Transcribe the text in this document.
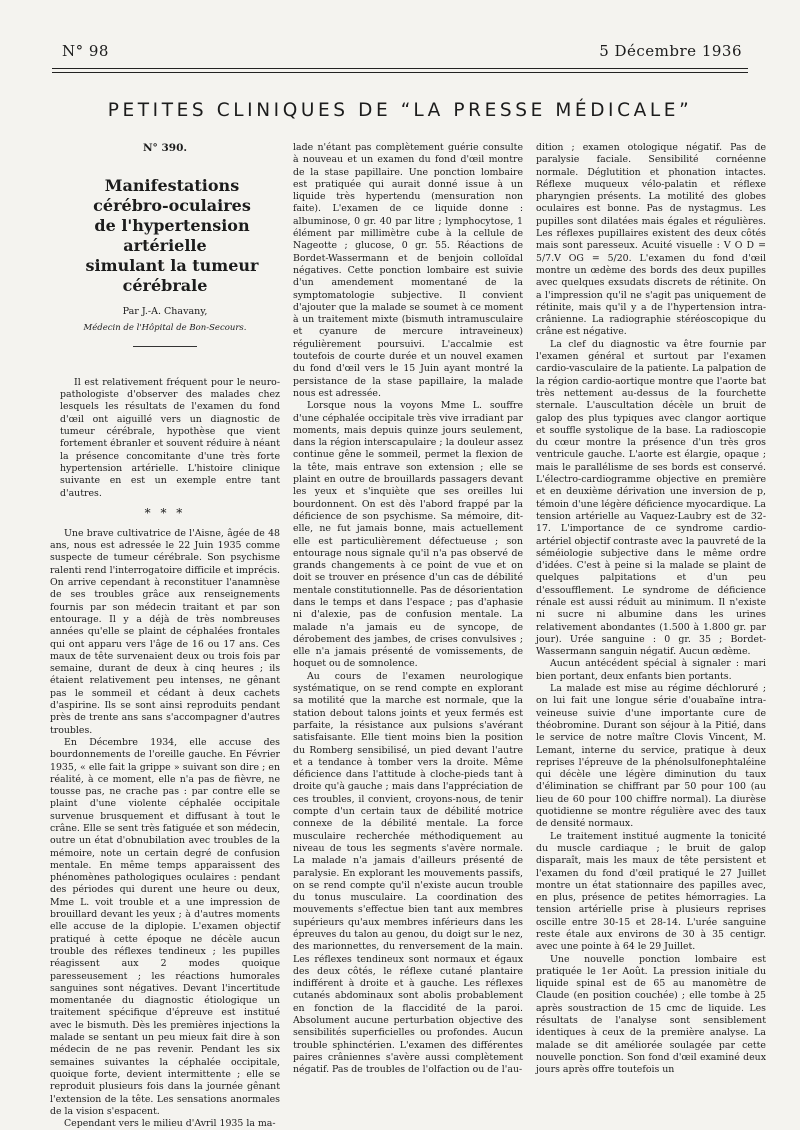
N° 98	5 Décembre 1936
PETITES CLINIQUES DE “LA PRESSE MÉDICALE”
N° 390.

Manifestations

cérébro-oculaires

de l'hypertension artérielle

simulant la tumeur cérébrale

Par J.-A. Chavany,
Médecin de l'Hôpital de Bon-Secours.

Il est relativement fréquent pour le neuro-pathologiste d'observer des malades chez lesquels les résultats de l'examen du fond d'œil ont aiguillé vers un diagnostic de tumeur cérébrale, hypothèse que vient fortement ébranler et souvent réduire à néant la présence concomitante d'une très forte hypertension artérielle. L'histoire clinique suivante en est un exemple entre tant d'autres.

* * *

Une brave cultivatrice de l'Aisne, âgée de 48 ans, nous est adressée le 22 Juin 1935 comme suspecte de tumeur cérébrale. Son psychisme ralenti rend l'interrogatoire difficile et imprécis. On arrive cependant à reconstituer l'anamnèse de ses troubles grâce aux renseignements fournis par son médecin traitant et par son entourage. Il y a déjà de très nombreuses années qu'elle se plaint de céphalées frontales qui ont apparu vers l'âge de 16 ou 17 ans. Ces maux de tête survenaient deux ou trois fois par semaine, durant de deux à cinq heures ; ils étaient relativement peu intenses, ne gênant pas le sommeil et cédant à deux cachets d'aspirine. Ils se sont ainsi reproduits pendant près de trente ans sans s'accompagner d'autres troubles.

En Décembre 1934, elle accuse des bourdonnements de l'oreille gauche. En Février 1935, « elle fait la grippe » suivant son dire ; en réalité, à ce moment, elle n'a pas de fièvre, ne tousse pas, ne crache pas : par contre elle se plaint d'une violente céphalée occipitale survenue brusquement et diffusant à tout le crâne. Elle se sent très fatiguée et son médecin, outre un état d'obnubilation avec troubles de la mémoire, note un certain degré de confusion mentale. En même temps apparaissent des phénomènes pathologiques oculaires : pendant des périodes qui durent une heure ou deux, Mme L. voit trouble et a une impression de brouillard devant les yeux ; à d'autres moments elle accuse de la diplopie. L'examen objectif pratiqué à cette époque ne décèle aucun trouble des réflexes tendineux ; les pupilles réagissent aux 2 modes quoique paresseusement ; les réactions humorales sanguines sont négatives. Devant l'incertitude momentanée du diagnostic étiologique un traitement spécifique d'épreuve est institué avec le bismuth. Dès les premières injections la malade se sentant un peu mieux fait dire à son médecin de ne pas revenir. Pendant les six semaines suivantes la céphalée occipitale, quoique forte, devient intermittente ; elle se reproduit plusieurs fois dans la journée gênant l'extension de la tête. Les sensations anormales de la vision s'espacent.

Cependant vers le milieu d'Avril 1935 la ma-

lade n'étant pas complètement guérie consulte à nouveau et un examen du fond d'œil montre de la stase papillaire. Une ponction lombaire est pratiquée qui aurait donné issue à un liquide très hypertendu (mensuration non faite). L'examen de ce liquide donne : albuminose, 0 gr. 40 par litre ; lymphocytose, 1 élément par millimètre cube à la cellule de Nageotte ; glucose, 0 gr. 55. Réactions de Bordet-Wassermann et de benjoin colloïdal négatives. Cette ponction lombaire est suivie d'un amendement momentané de la symptomatologie subjective. Il convient d'ajouter que la malade se soumet à ce moment à un traitement mixte (bismuth intramusculaire et cyanure de mercure intraveineux) régulièrement poursuivi. L'accalmie est toutefois de courte durée et un nouvel examen du fond d'œil vers le 15 Juin ayant montré la persistance de la stase papillaire, la malade nous est adressée.

Lorsque nous la voyons Mme L. souffre d'une céphalée occipitale très vive irradiant par moments, mais depuis quinze jours seulement, dans la région interscapulaire ; la douleur assez continue gêne le sommeil, permet la flexion de la tête, mais entrave son extension ; elle se plaint en outre de brouillards passagers devant les yeux et s'inquiète que ses oreilles lui bourdonnent. On est dès l'abord frappé par la déficience de son psychisme. Sa mémoire, dit-elle, ne fut jamais bonne, mais actuellement elle est particulièrement défectueuse ; son entourage nous signale qu'il n'a pas observé de grands changements à ce point de vue et on doit se trouver en présence d'un cas de débilité mentale constitutionnelle. Pas de désorientation dans le temps et dans l'espace ; pas d'aphasie ni d'alexie, pas de confusion mentale. La malade n'a jamais eu de syncope, de dérobement des jambes, de crises convulsives ; elle n'a jamais présenté de vomissements, de hoquet ou de somnolence.

Au cours de l'examen neurologique systématique, on se rend compte en explorant sa motilité que la marche est normale, que la station debout talons joints et yeux fermés est parfaite, la résistance aux pulsions s'avérant satisfaisante. Elle tient moins bien la position du Romberg sensibilisé, un pied devant l'autre et a tendance à tomber vers la droite. Même déficience dans l'attitude à cloche-pieds tant à droite qu'à gauche ; mais dans l'appréciation de ces troubles, il convient, croyons-nous, de tenir compte d'un certain taux de débilité motrice connexe de la débilité mentale. La force musculaire recherchée méthodiquement au niveau de tous les segments s'avère normale. La malade n'a jamais d'ailleurs présenté de paralysie. En explorant les mouvements passifs, on se rend compte qu'il n'existe aucun trouble du tonus musculaire. La coordination des mouvements s'effectue bien tant aux membres supérieurs qu'aux membres inférieurs dans les épreuves du talon au genou, du doigt sur le nez, des marionnettes, du renversement de la main. Les réflexes tendineux sont normaux et égaux des deux côtés, le réflexe cutané plantaire indifférent à droite et à gauche. Les réflexes cutanés abdominaux sont abolis probablement en fonction de la flaccidité de la paroi. Absolument aucune perturbation objective des sensibilités superficielles ou profondes. Aucun trouble sphinctérien. L'examen des différentes paires crâniennes s'avère aussi complètement négatif. Pas de troubles de l'olfaction ou de l'au-

dition ; examen otologique négatif. Pas de paralysie faciale. Sensibilité cornéenne normale. Déglutition et phonation intactes. Réflexe muqueux vélo-palatin et réflexe pharyngien présents. La motilité des globes oculaires est bonne. Pas de nystagmus. Les pupilles sont dilatées mais égales et régulières. Les réflexes pupillaires existent des deux côtés mais sont paresseux. Acuité visuelle : V O D = 5/7.V OG = 5/20. L'examen du fond d'œil montre un œdème des bords des deux pupilles avec quelques exsudats discrets de rétinite. On a l'impression qu'il ne s'agit pas uniquement de rétinite, mais qu'il y a de l'hypertension intra-crânienne. La radiographie stéréoscopique du crâne est négative.

La clef du diagnostic va être fournie par l'examen général et surtout par l'examen cardio-vasculaire de la patiente. La palpation de la région cardio-aortique montre que l'aorte bat très nettement au-dessus de la fourchette sternale. L'auscultation décèle un bruit de galop des plus typiques avec clangor aortique et souffle systolique de la base. La radioscopie du cœur montre la présence d'un très gros ventricule gauche. L'aorte est élargie, opaque ; mais le parallélisme de ses bords est conservé. L'électro-cardiogramme objective en première et en deuxième dérivation une inversion de p, témoin d'une légère déficience myocardique. La tension artérielle au Vaquez-Laubry est de 32-17. L'importance de ce syndrome cardio-artériel objectif contraste avec la pauvreté de la séméiologie subjective dans le même ordre d'idées. C'est à peine si la malade se plaint de quelques palpitations et d'un peu d'essoufflement. Le syndrome de déficience rénale est aussi réduit au minimum. Il n'existe ni sucre ni albumine dans les urines relativement abondantes (1.500 à 1.800 gr. par jour). Urée sanguine : 0 gr. 35 ; Bordet-Wassermann sanguin négatif. Aucun œdème.

Aucun antécédent spécial à signaler : mari bien portant, deux enfants bien portants.

La malade est mise au régime déchloruré ; on lui fait une longue série d'ouabaïne intra-veineuse suivie d'une importante cure de théobromine. Durant son séjour à la Pitié, dans le service de notre maître Clovis Vincent, M. Lemant, interne du service, pratique à deux reprises l'épreuve de la phénolsulfonephtaléine qui décèle une légère diminution du taux d'élimination se chiffrant par 50 pour 100 (au lieu de 60 pour 100 chiffre normal). La diurèse quotidienne se montre régulière avec des taux de densité normaux.

Le traitement institué augmente la tonicité du muscle cardiaque ; le bruit de galop disparaît, mais les maux de tête persistent et l'examen du fond d'œil pratiqué le 27 Juillet montre un état stationnaire des papilles avec, en plus, présence de petites hémorragies. La tension artérielle prise à plusieurs reprises oscille entre 30-15 et 28-14. L'urée sanguine reste étale aux environs de 30 à 35 centigr. avec une pointe à 64 le 29 Juillet.

Une nouvelle ponction lombaire est pratiquée le 1er Août. La pression initiale du liquide spinal est de 65 au manomètre de Claude (en position couchée) ; elle tombe à 25 après soustraction de 15 cmc de liquide. Les résultats de l'analyse sont sensiblement identiques à ceux de la première analyse. La malade se dit améliorée soulagée par cette nouvelle ponction. Son fond d'œil examiné deux jours après offre toutefois un
